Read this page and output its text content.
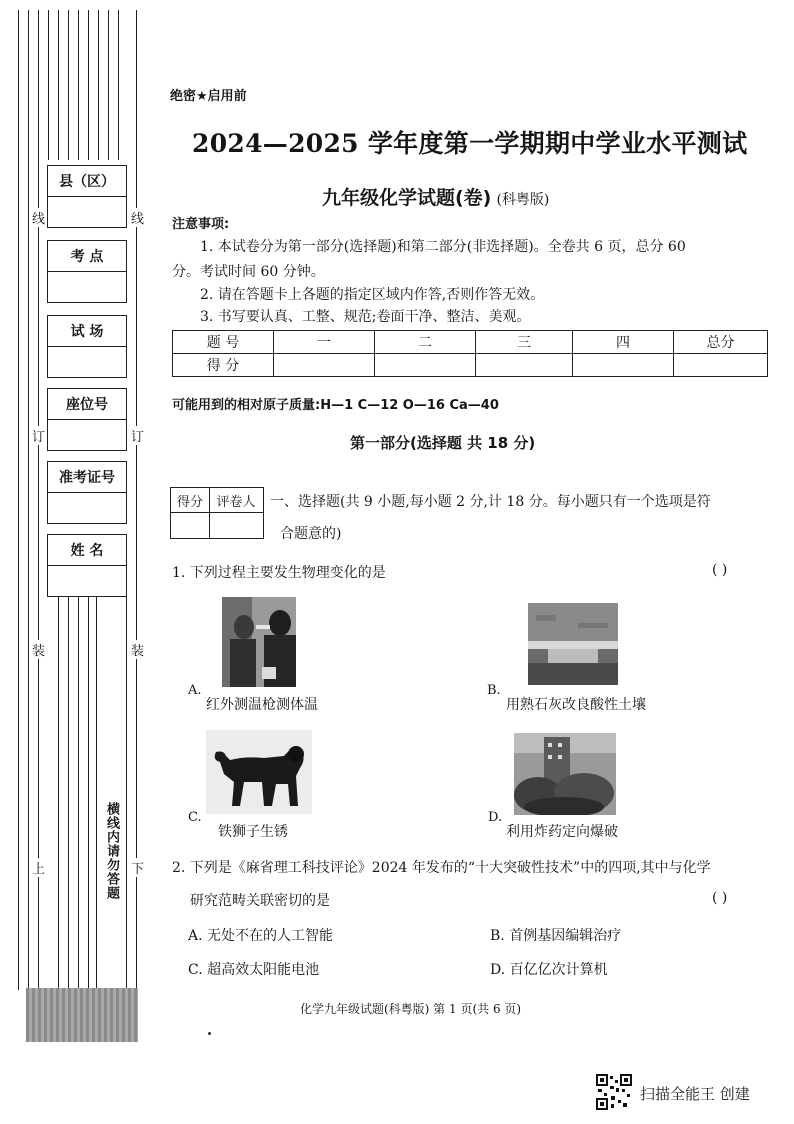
县（区）
考 点
试 场
座位号
准考证号
姓 名
线
订
装
上
线
订
装
下
横线内请勿答题
绝密★启用前
2024—2025 学年度第一学期期中学业水平测试
九年级化学试题(卷) (科粤版)
注意事项:
1. 本试卷分为第一部分(选择题)和第二部分(非选择题)。全卷共 6 页，总分 60
分。考试时间 60 分钟。
2. 请在答题卡上各题的指定区域内作答,否则作答无效。
3. 书写要认真、工整、规范;卷面干净、整洁、美观。
题 号	一	二	三	四	总分
得 分					
可能用到的相对原子质量:H—1 C—12 O—16 Ca—40
第一部分(选择题 共 18 分)
得分	评卷人	一、选择题(共 9 小题,每小题 2 分,计 18 分。每小题只有一个选项是符
合题意的)
1. 下列过程主要发生物理变化的是	( )
A.
红外测温枪测体温
B.
用熟石灰改良酸性土壤
C.
铁狮子生锈
D.
利用炸药定向爆破
2. 下列是《麻省理工科技评论》2024 年发布的“十大突破性技术”中的四项,其中与化学
研究范畴关联密切的是	( )
A. 无处不在的人工智能	B. 首例基因编辑治疗
C. 超高效太阳能电池	D. 百亿亿次计算机
化学九年级试题(科粤版) 第 1 页(共 6 页)
扫描全能王 创建
